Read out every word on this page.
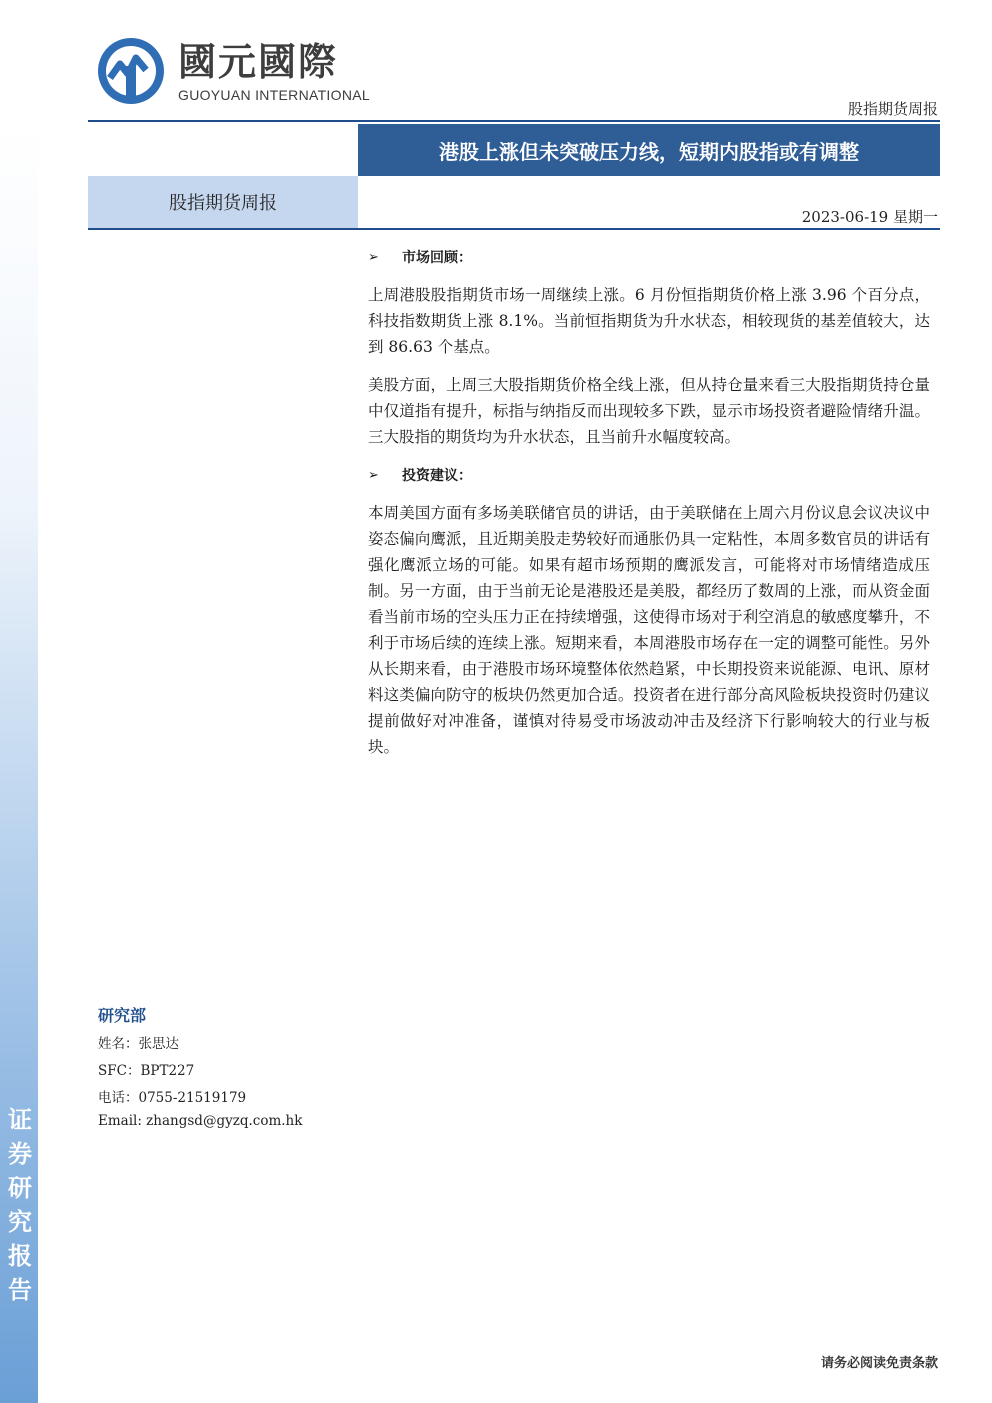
证
券
研
究
报
告
國元國際
GUOYUAN INTERNATIONAL
股指期货周报
港股上涨但未突破压力线，短期内股指或有调整
股指期货周报
2023-06-19 星期一
➢	市场回顾：

上周港股股指期货市场一周继续上涨。6 月份恒指期货价格上涨 3.96 个百分点，科技指数期货上涨 8.1%。当前恒指期货为升水状态，相较现货的基差值较大，达到 86.63 个基点。

美股方面，上周三大股指期货价格全线上涨，但从持仓量来看三大股指期货持仓量中仅道指有提升，标指与纳指反而出现较多下跌，显示市场投资者避险情绪升温。三大股指的期货均为升水状态，且当前升水幅度较高。

➢	投资建议：

本周美国方面有多场美联储官员的讲话，由于美联储在上周六月份议息会议决议中姿态偏向鹰派，且近期美股走势较好而通胀仍具一定粘性，本周多数官员的讲话有强化鹰派立场的可能。如果有超市场预期的鹰派发言，可能将对市场情绪造成压制。另一方面，由于当前无论是港股还是美股，都经历了数周的上涨，而从资金面看当前市场的空头压力正在持续增强，这使得市场对于利空消息的敏感度攀升，不利于市场后续的连续上涨。短期来看，本周港股市场存在一定的调整可能性。另外从长期来看，由于港股市场环境整体依然趋紧，中长期投资来说能源、电讯、原材料这类偏向防守的板块仍然更加合适。投资者在进行部分高风险板块投资时仍建议提前做好对冲准备，谨慎对待易受市场波动冲击及经济下行影响较大的行业与板块。

研究部
姓名：张思达
SFC：BPT227
电话：0755-21519179
Email: zhangsd@gyzq.com.hk
请务必阅读免责条款
